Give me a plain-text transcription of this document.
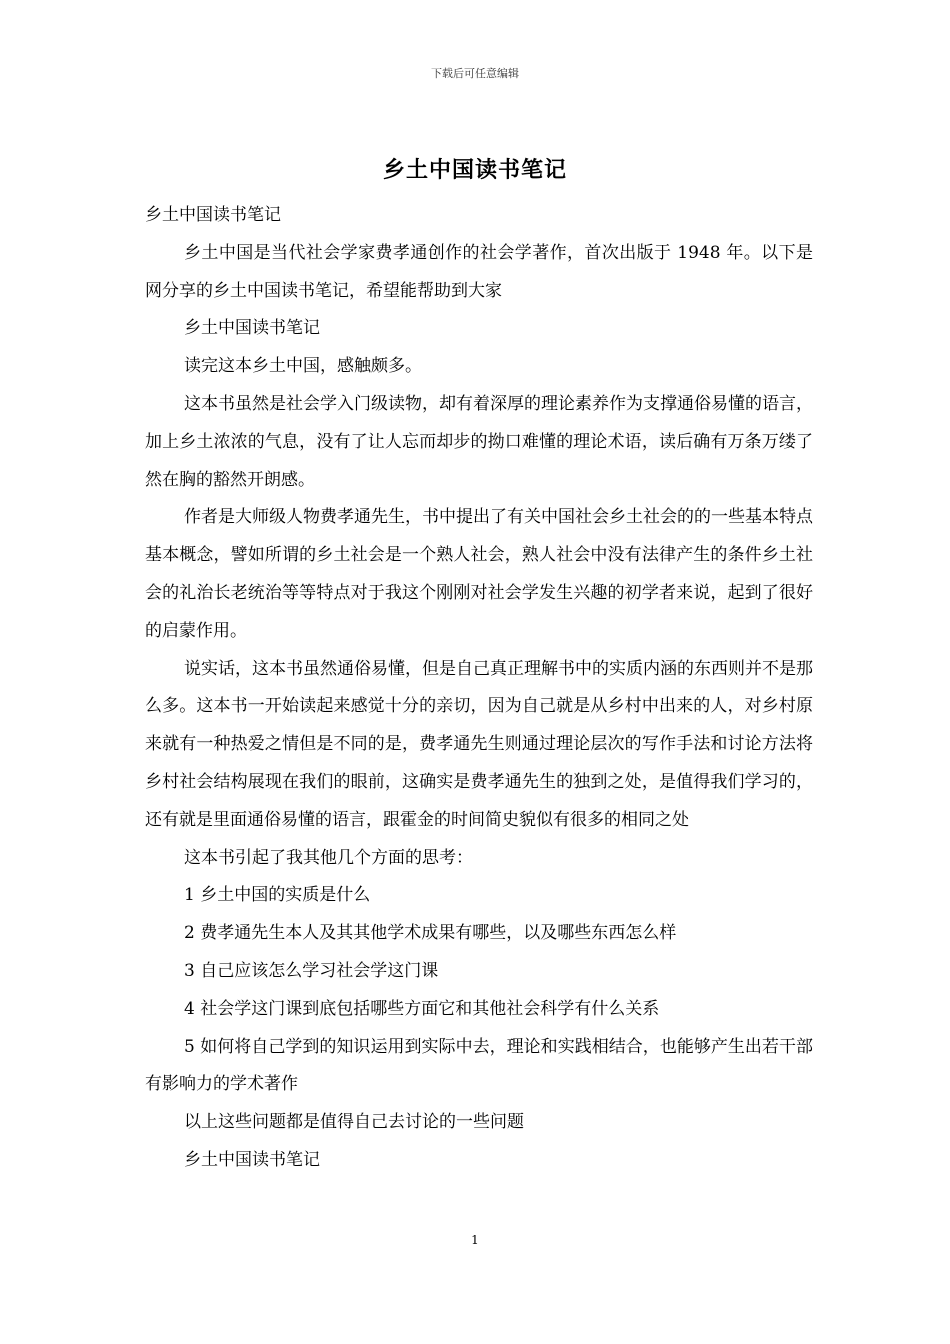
下载后可任意编辑
乡土中国读书笔记

乡土中国读书笔记

乡土中国是当代社会学家费孝通创作的社会学著作，首次出版于 1948 年。以下是网分享的乡土中国读书笔记，希望能帮助到大家

乡土中国读书笔记

读完这本乡土中国，感触颇多。

这本书虽然是社会学入门级读物，却有着深厚的理论素养作为支撑通俗易懂的语言，加上乡土浓浓的气息，没有了让人忘而却步的拗口难懂的理论术语，读后确有万条万缕了然在胸的豁然开朗感。

作者是大师级人物费孝通先生，书中提出了有关中国社会乡土社会的的一些基本特点基本概念，譬如所谓的乡土社会是一个熟人社会，熟人社会中没有法律产生的条件乡土社会的礼治长老统治等等特点对于我这个刚刚对社会学发生兴趣的初学者来说，起到了很好的启蒙作用。

说实话，这本书虽然通俗易懂，但是自己真正理解书中的实质内涵的东西则并不是那么多。这本书一开始读起来感觉十分的亲切，因为自己就是从乡村中出来的人，对乡村原来就有一种热爱之情但是不同的是，费孝通先生则通过理论层次的写作手法和讨论方法将乡村社会结构展现在我们的眼前，这确实是费孝通先生的独到之处，是值得我们学习的，还有就是里面通俗易懂的语言，跟霍金的时间简史貌似有很多的相同之处

这本书引起了我其他几个方面的思考：

1 乡土中国的实质是什么

2 费孝通先生本人及其其他学术成果有哪些，以及哪些东西怎么样

3 自己应该怎么学习社会学这门课

4 社会学这门课到底包括哪些方面它和其他社会科学有什么关系

5 如何将自己学到的知识运用到实际中去，理论和实践相结合，也能够产生出若干部有影响力的学术著作

以上这些问题都是值得自己去讨论的一些问题

乡土中国读书笔记

1
